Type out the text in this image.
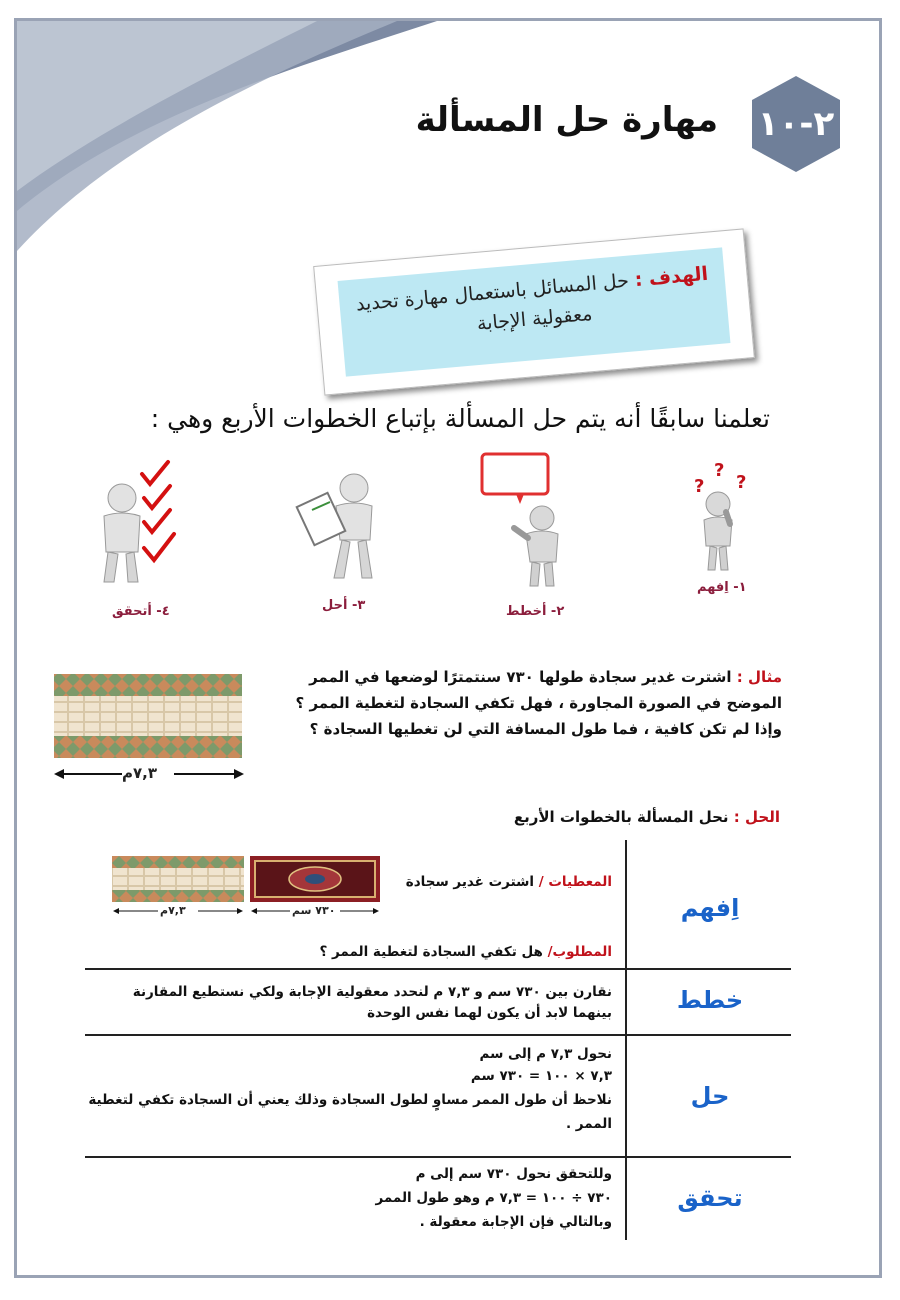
٢-١٠
مهارة حل المسألة
الهدف : حل المسائل باستعمال مهارة تحديد معقولية الإجابة
تعلمنا سابقًا أنه يتم حل المسألة بإتباع الخطوات الأربع وهي :
?
?
?
١- اِفهم
٢- أخطط
٣- أحل
٤- أتحقق
٧,٣م
مثال : اشترت غدير سجادة طولها ٧٣٠ سنتمترًا لوضعها في الممر الموضح في الصورة المجاورة ، فهل تكفي السجادة لتغطية الممر ؟ وإذا لم تكن كافية ، فما طول المسافة التي لن تغطيها السجادة ؟
الحل : نحل المسألة بالخطوات الأربع
اِفهم
٧,٣م	٧٣٠ سم
المعطيات / اشترت غدير سجادة
المطلوب/ هل تكفي السجادة لتغطية الممر ؟
خطط
نقارن بين ٧٣٠ سم و ٧,٣ م لنحدد معقولية الإجابة ولكي نستطيع المقارنة
بينهما لابد أن يكون لهما نفس الوحدة
حل
نحول ٧,٣ م إلى سم
٧,٣ × ١٠٠ = ٧٣٠ سم
نلاحظ أن طول الممر مساوٍ لطول السجادة وذلك يعني أن السجادة تكفي لتغطية
الممر .
تحقق
وللتحقق نحول ٧٣٠ سم إلى م
٧٣٠ ÷ ١٠٠ = ٧,٣ م وهو طول الممر
وبالتالي فإن الإجابة معقولة .
